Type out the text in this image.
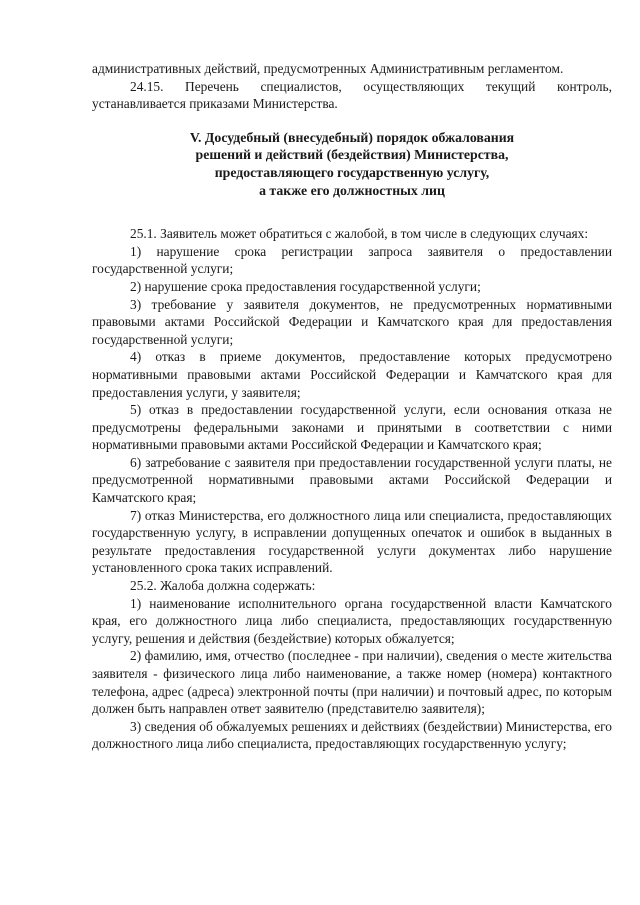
административных действий, предусмотренных Административным регламентом.

24.15. Перечень специалистов, осуществляющих текущий контроль, устанавливается приказами Министерства.

V. Досудебный (внесудебный) порядок обжалования
решений и действий (бездействия) Министерства,
предоставляющего государственную услугу,
а также его должностных лиц

25.1. Заявитель может обратиться с жалобой, в том числе в следующих случаях:

1) нарушение срока регистрации запроса заявителя о предоставлении государственной услуги;

2) нарушение срока предоставления государственной услуги;

3) требование у заявителя документов, не предусмотренных нормативными правовыми актами Российской Федерации и Камчатского края для предоставления государственной услуги;

4) отказ в приеме документов, предоставление которых предусмотрено нормативными правовыми актами Российской Федерации и Камчатского края для предоставления услуги, у заявителя;

5) отказ в предоставлении государственной услуги, если основания отказа не предусмотрены федеральными законами и принятыми в соответствии с ними нормативными правовыми актами Российской Федерации и Камчатского края;

6) затребование с заявителя при предоставлении государственной услуги платы, не предусмотренной нормативными правовыми актами Российской Федерации и Камчатского края;

7) отказ Министерства, его должностного лица или специалиста, предоставляющих государственную услугу, в исправлении допущенных опечаток и ошибок в выданных в результате предоставления государственной услуги документах либо нарушение установленного срока таких исправлений.

25.2. Жалоба должна содержать:

1) наименование исполнительного органа государственной власти Камчатского края, его должностного лица либо специалиста, предоставляющих государственную услугу, решения и действия (бездействие) которых обжалуется;

2) фамилию, имя, отчество (последнее - при наличии), сведения о месте жительства заявителя - физического лица либо наименование, а также номер (номера) контактного телефона, адрес (адреса) электронной почты (при наличии) и почтовый адрес, по которым должен быть направлен ответ заявителю (представителю заявителя);

3) сведения об обжалуемых решениях и действиях (бездействии) Министерства, его должностного лица либо специалиста, предоставляющих государственную услугу;
